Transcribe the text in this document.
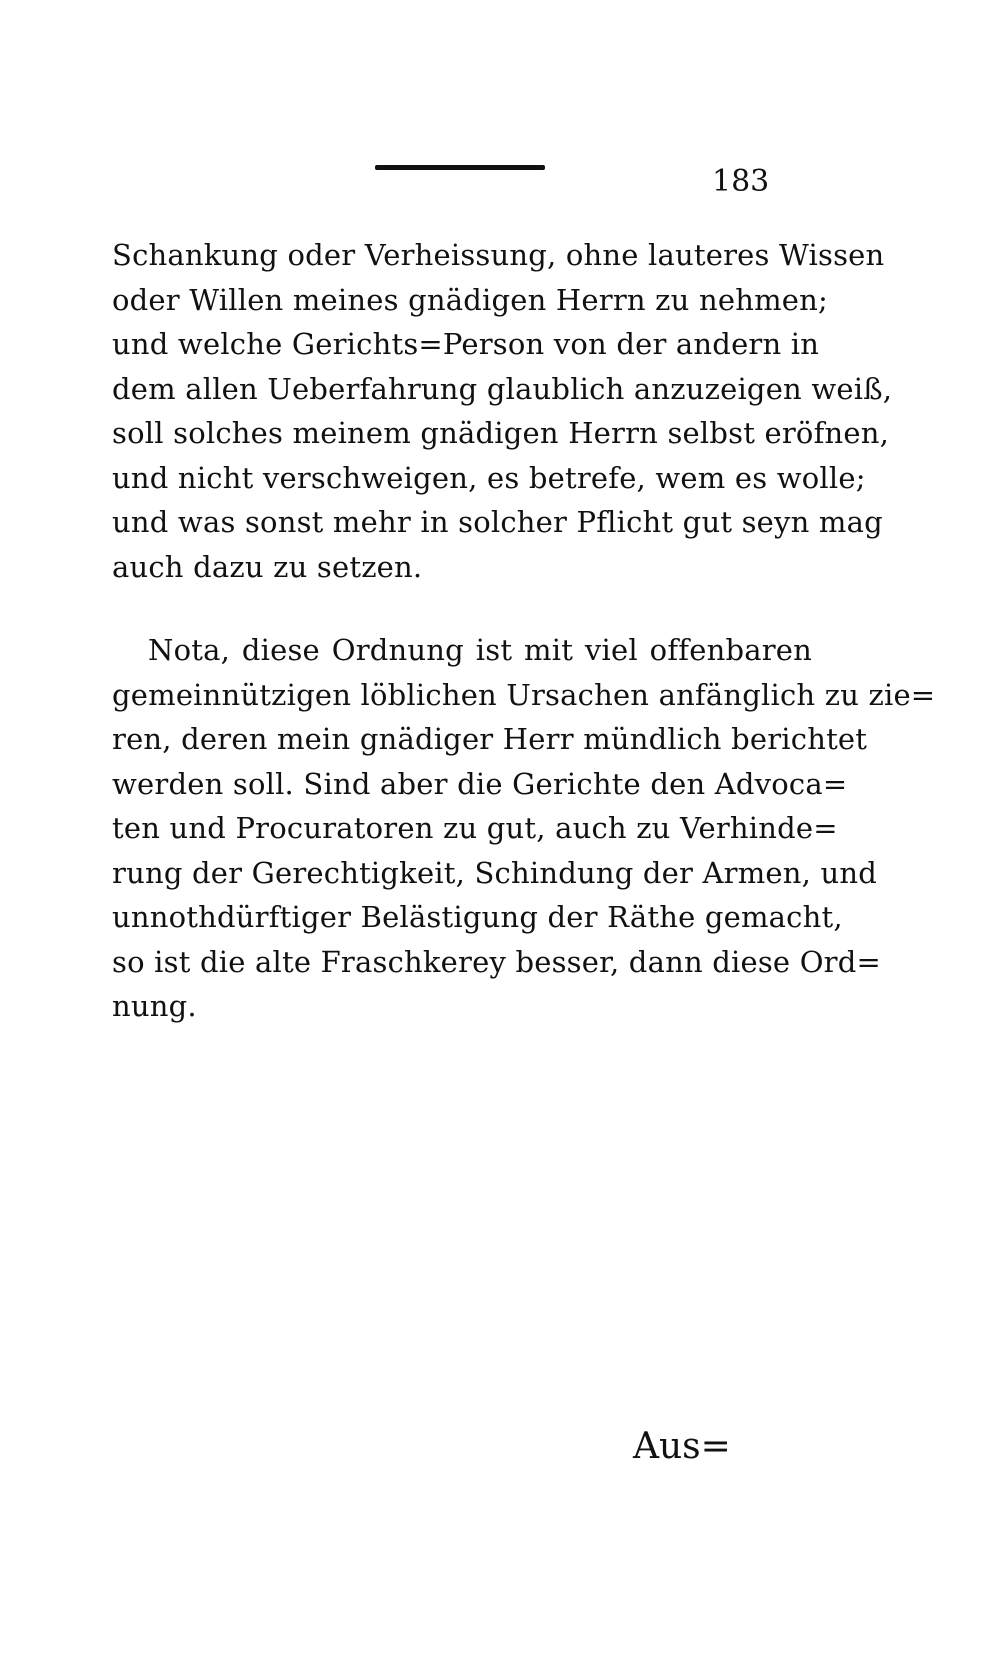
183
Schankung oder Verheissung, ohne lauteres Wissen
oder Willen meines gnädigen Herrn zu nehmen;
und welche Gerichts=Person von der andern in
dem allen Ueberfahrung glaublich anzuzeigen weiß,
soll solches meinem gnädigen Herrn selbst eröfnen,
und nicht verschweigen, es betrefe, wem es wolle;
und was sonst mehr in solcher Pflicht gut seyn mag
auch dazu zu setzen.
Nota, diese Ordnung ist mit viel offenbaren
gemeinnützigen löblichen Ursachen anfänglich zu zie=
ren, deren mein gnädiger Herr mündlich berichtet
werden soll. Sind aber die Gerichte den Advoca=
ten und Procuratoren zu gut, auch zu Verhinde=
rung der Gerechtigkeit, Schindung der Armen, und
unnothdürftiger Belästigung der Räthe gemacht,
so ist die alte Fraschkerey besser, dann diese Ord=
nung.
Aus=
